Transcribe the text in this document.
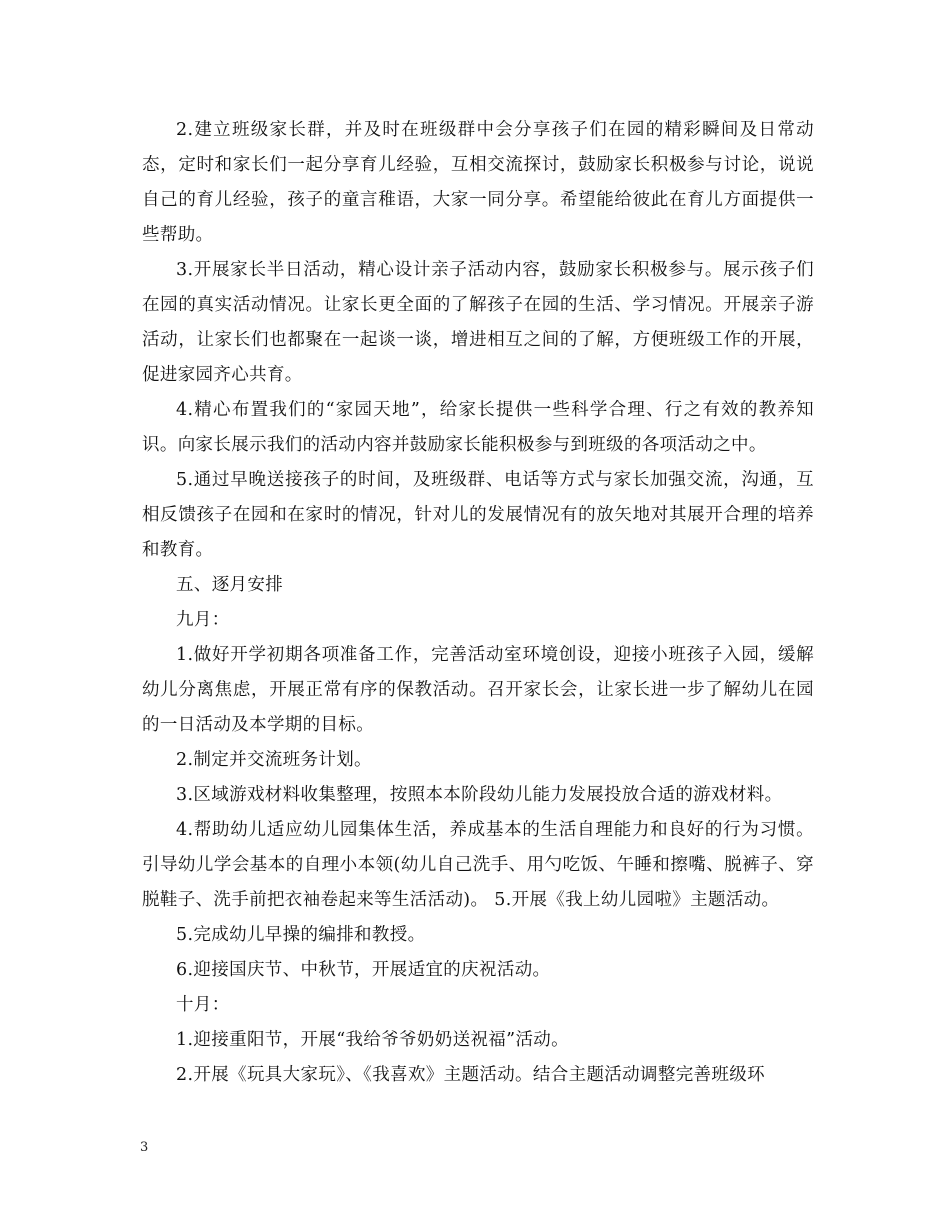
2.建立班级家长群，并及时在班级群中会分享孩子们在园的精彩瞬间及日常动态，定时和家长们一起分享育儿经验，互相交流探讨，鼓励家长积极参与讨论，说说自己的育儿经验，孩子的童言稚语，大家一同分享。希望能给彼此在育儿方面提供一些帮助。

3.开展家长半日活动，精心设计亲子活动内容，鼓励家长积极参与。展示孩子们在园的真实活动情况。让家长更全面的了解孩子在园的生活、学习情况。开展亲子游活动，让家长们也都聚在一起谈一谈，增进相互之间的了解，方便班级工作的开展，促进家园齐心共育。

4.精心布置我们的“家园天地”，给家长提供一些科学合理、行之有效的教养知识。向家长展示我们的活动内容并鼓励家长能积极参与到班级的各项活动之中。

5.通过早晚送接孩子的时间，及班级群、电话等方式与家长加强交流，沟通，互相反馈孩子在园和在家时的情况，针对儿的发展情况有的放矢地对其展开合理的培养和教育。

五、逐月安排

九月：

1.做好开学初期各项准备工作，完善活动室环境创设，迎接小班孩子入园，缓解幼儿分离焦虑，开展正常有序的保教活动。召开家长会，让家长进一步了解幼儿在园的一日活动及本学期的目标。

2.制定并交流班务计划。

3.区域游戏材料收集整理，按照本本阶段幼儿能力发展投放合适的游戏材料。

4.帮助幼儿适应幼儿园集体生活，养成基本的生活自理能力和良好的行为习惯。引导幼儿学会基本的自理小本领(幼儿自己洗手、用勺吃饭、午睡和擦嘴、脱裤子、穿脱鞋子、洗手前把衣袖卷起来等生活活动)。 5.开展《我上幼儿园啦》主题活动。

5.完成幼儿早操的编排和教授。

6.迎接国庆节、中秋节，开展适宜的庆祝活动。

十月：

1.迎接重阳节，开展“我给爷爷奶奶送祝福”活动。

2.开展《玩具大家玩》、《我喜欢》主题活动。结合主题活动调整完善班级环

3
